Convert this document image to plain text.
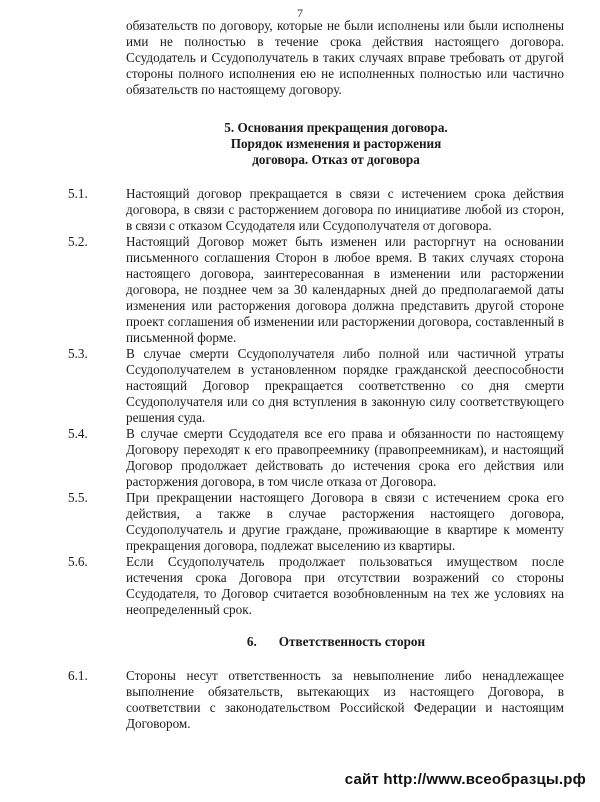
7
обязательств по договору, которые не были исполнены или были исполнены ими не полностью в течение срока действия настоящего договора. Ссудодатель и Ссудополучатель в таких случаях вправе требовать от другой стороны полного исполнения ею не исполненных полностью или частично обязательств по настоящему договору.
5. Основания прекращения договора.
Порядок изменения и расторжения
договора. Отказ от договора
5.1.	Настоящий договор прекращается в связи с истечением срока действия договора, в связи с расторжением договора по инициативе любой из сторон, в связи с отказом Ссудодателя или Ссудополучателя от договора.
5.2.	Настоящий Договор может быть изменен или расторгнут на основании письменного соглашения Сторон в любое время. В таких случаях сторона настоящего договора, заинтересованная в изменении или расторжении договора, не позднее чем за 30 календарных дней до предполагаемой даты изменения или расторжения договора должна представить другой стороне проект соглашения об изменении или расторжении договора, составленный в письменной форме.
5.3.	В случае смерти Ссудополучателя либо полной или частичной утраты Ссудополучателем в установленном порядке гражданской дееспособности настоящий Договор прекращается соответственно со дня смерти Ссудополучателя или со дня вступления в законную силу соответствующего решения суда.
5.4.	В случае смерти Ссудодателя все его права и обязанности по настоящему Договору переходят к его правопреемнику (правопреемникам), и настоящий Договор продолжает действовать до истечения срока его действия или расторжения договора, в том числе отказа от Договора.
5.5.	При прекращении настоящего Договора в связи с истечением срока его действия, а также в случае расторжения настоящего договора, Ссудополучатель и другие граждане, проживающие в квартире к моменту прекращения договора, подлежат выселению из квартиры.
5.6.	Если Ссудополучатель продолжает пользоваться имуществом после истечения срока Договора при отсутствии возражений со стороны Ссудодателя, то Договор считается возобновленным на тех же условиях на неопределенный срок.
6. Ответственность сторон
6.1.	Стороны несут ответственность за невыполнение либо ненадлежащее выполнение обязательств, вытекающих из настоящего Договора, в соответствии с законодательством Российской Федерации и настоящим Договором.
сайт http://www.всеобразцы.рф
